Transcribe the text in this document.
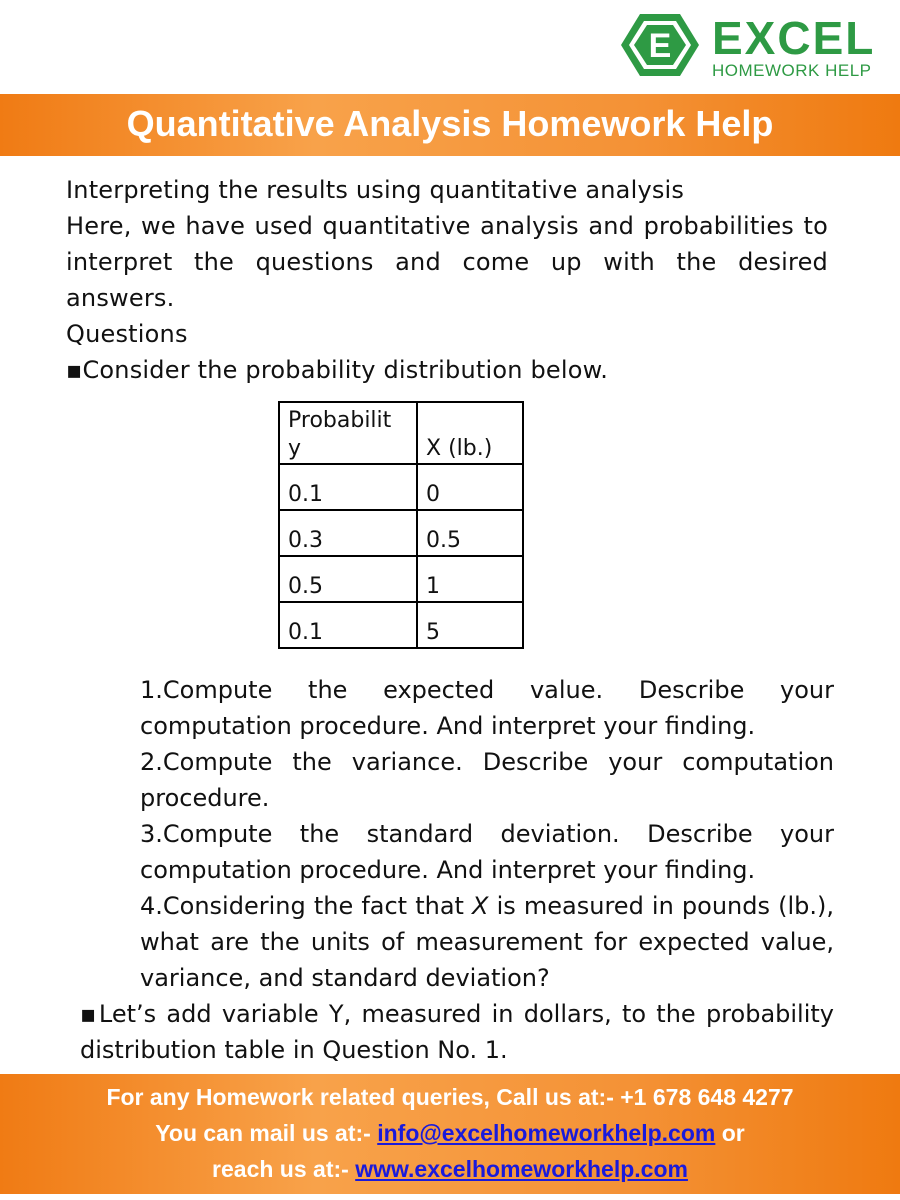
E EXCEL
HOMEWORK HELP
Quantitative Analysis Homework Help

Interpreting the results using quantitative analysis

Here, we have used quantitative analysis and probabilities to interpret the questions and come up with the desired answers.

Questions

▪Consider the probability distribution below.

Probability	X (lb.)
0.1	0
0.3	0.5
0.5	1
0.1	5

1.Compute the expected value. Describe your computation procedure. And interpret your finding.

2.Compute the variance. Describe your computation procedure.

3.Compute the standard deviation. Describe your computation procedure. And interpret your finding.

4.Considering the fact that X is measured in pounds (lb.), what are the units of measurement for expected value, variance, and standard deviation?

▪Let’s add variable Y, measured in dollars, to the probability distribution table in Question No. 1.
For any Homework related queries, Call us at:- +1 678 648 4277
You can mail us at:- info@excelhomeworkhelp.com or
reach us at:- www.excelhomeworkhelp.com
